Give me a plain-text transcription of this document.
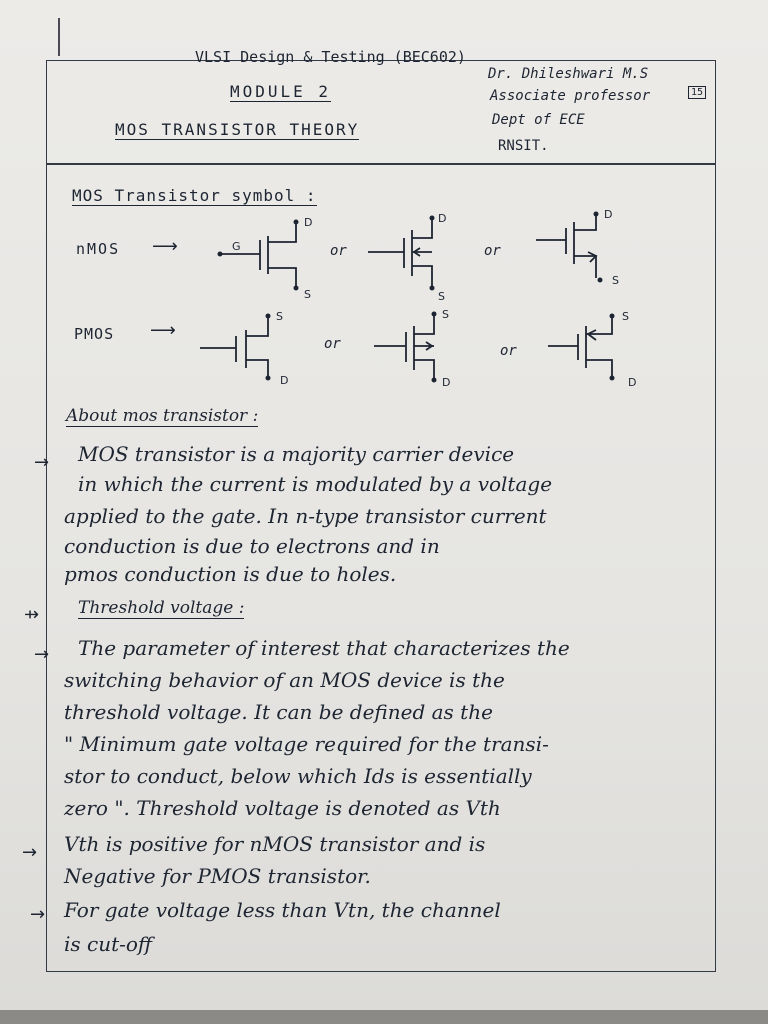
VLSI Design & Testing (BEC602)
MODULE 2
MOS TRANSISTOR THEORY
Dr. Dhileshwari M.S
Associate professor	15
Dept of ECE
RNSIT.
MOS Transistor symbol :
nMOS ⟶	G
D
S
or
D
S
or
D
S
PMOS ⟶
S
D
or
S
D
or
S
D
About mos transistor :
→ MOS transistor is a majority carrier device
in which the current is modulated by a voltage
applied to the gate. In n-type transistor current
conduction is due to electrons and in
pmos conduction is due to holes.
⇸ Threshold voltage :
→ The parameter of interest that characterizes the
switching behavior of an MOS device is the
threshold voltage. It can be defined as the
" Minimum gate voltage required for the transi-
stor to conduct, below which Ids is essentially
zero ". Threshold voltage is denoted as Vth
→ Vth is positive for nMOS transistor and is
Negative for PMOS transistor.
→ For gate voltage less than Vtn, the channel
is cut-off
